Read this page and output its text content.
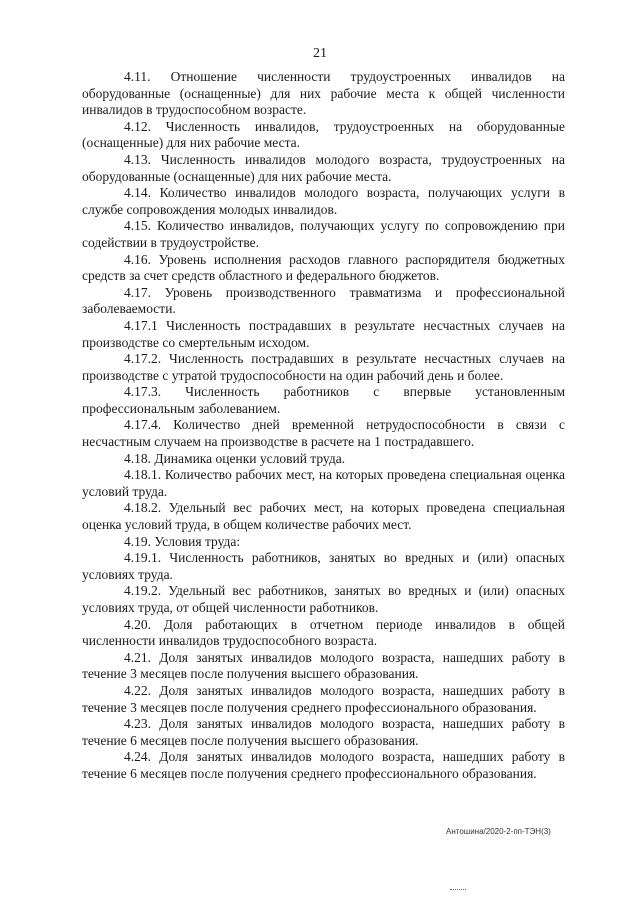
21

4.11. Отношение численности трудоустроенных инвалидов на оборудованные (оснащенные) для них рабочие места к общей численности инвалидов в трудоспособном возрасте.

4.12. Численность инвалидов, трудоустроенных на оборудованные (оснащенные) для них рабочие места.

4.13. Численность инвалидов молодого возраста, трудоустроенных на оборудованные (оснащенные) для них рабочие места.

4.14. Количество инвалидов молодого возраста, получающих услуги в службе сопровождения молодых инвалидов.

4.15. Количество инвалидов, получающих услугу по сопровождению при содействии в трудоустройстве.

4.16. Уровень исполнения расходов главного распорядителя бюджетных средств за счет средств областного и федерального бюджетов.

4.17. Уровень производственного травматизма и профессиональной заболеваемости.

4.17.1 Численность пострадавших в результате несчастных случаев на производстве со смертельным исходом.

4.17.2. Численность пострадавших в результате несчастных случаев на производстве с утратой трудоспособности на один рабочий день и более.

4.17.3. Численность работников с впервые установленным профессиональным заболеванием.

4.17.4. Количество дней временной нетрудоспособности в связи с несчастным случаем на производстве в расчете на 1 пострадавшего.

4.18. Динамика оценки условий труда.

4.18.1. Количество рабочих мест, на которых проведена специальная оценка условий труда.

4.18.2. Удельный вес рабочих мест, на которых проведена специальная оценка условий труда, в общем количестве рабочих мест.

4.19. Условия труда:

4.19.1. Численность работников, занятых во вредных и (или) опасных условиях труда.

4.19.2. Удельный вес работников, занятых во вредных и (или) опасных условиях труда, от общей численности работников.

4.20. Доля работающих в отчетном периоде инвалидов в общей численности инвалидов трудоспособного возраста.

4.21. Доля занятых инвалидов молодого возраста, нашедших работу в течение 3 месяцев после получения высшего образования.

4.22. Доля занятых инвалидов молодого возраста, нашедших работу в течение 3 месяцев после получения среднего профессионального образования.

4.23. Доля занятых инвалидов молодого возраста, нашедших работу в течение 6 месяцев после получения высшего образования.

4.24. Доля занятых инвалидов молодого возраста, нашедших работу в течение 6 месяцев после получения среднего профессионального образования.

Антошина/2020-2-пп-ТЭН(3)
